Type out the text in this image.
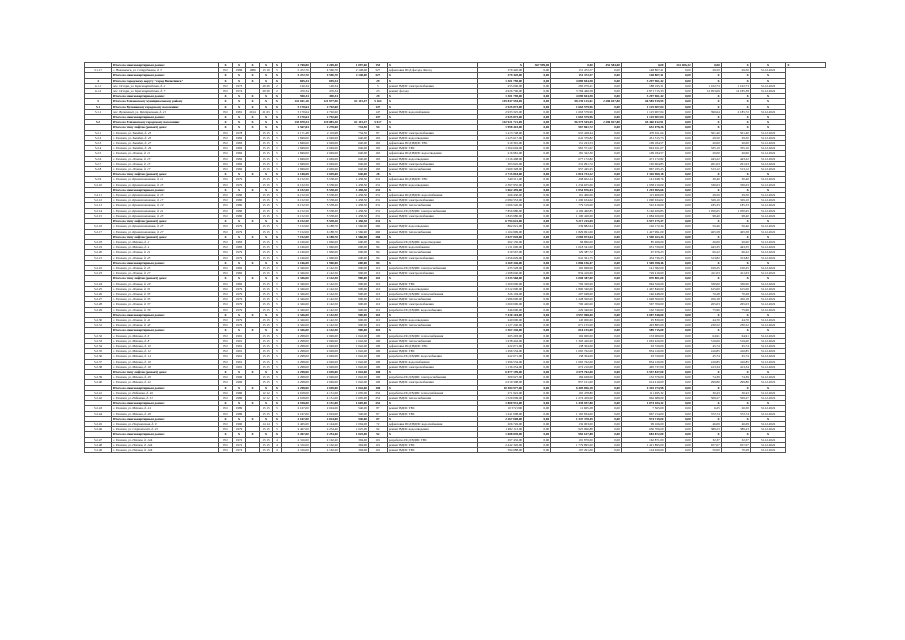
	Итого по многоквартирным домам:	X	X	X	X	X	2 768,80	2 269,40	1 097,60	155	X	X	367 999,00	0,00	452 584,00	0,00	341 406,32	0,00	X	X	X
3.1.17	г. Николаевск, ул. Сотрудников, д. 3	РО	1986	1986	15 19	5	5 472,70	4 596,70	2 148,00	527	дефектовка ПСД фасада, Фасад	379 420,00	0,00	151 472,57	0,00	148 807,41	0,00	29,50	29,50	31.12.2022	
	Итого по многоквартирным домам:	X	X	X	X	X	5 472,70	4 596,70	2 148,00	527	X	379 420,00	0,00	151 472,57	0,00	148 807,41	0,00	X	X	X	
4	Итого по городскому округу "город Вилючинск"	X	X	X	X	X	695,34	695,34		29	X	1 301 790,00	0,00	4 889 844,58	0,00	3 297 961,42	0,00	X	X	X	
4.1.1	пос. Оссора, ул. Красноармейская, д. 2	РО	1973		29 29	2	120,34	120,34		5	ремонт ВДИС электроснабжения	255 006,00	0,00	283 079,21	0,00	188 195,31	0,00	1 102,73	1 102,73	31.12.2022	
4.1.2	пос. Оссора, ул. Красноармейская, д. 7	РО	1974		29 29	2	470,34	470,34		23	ремонт фасада	4 926 706,00	0,00	3 784 469,58	0,00	2 871 715,33	0,00	12 953,69	12 185,38	31.12.2022	
	Итого по многоквартирным домам:	X	X	X	X	X	590,34	490,34		29	X	1 301 790,00	0,00	4 089 844,58	0,00	3 297 961,42	0,00	X	X	X	
5	Итого по Елизовскому муниципальному району	X	X	X	X	X	141 041,18	121 877,90	61 115,47	5 164	X	145 847 594,69	0,00	98 239 125,61	2 286 817,80	66 585 919,95	0,00	X	X	X	
5.1	Итого по Вулканному городскому поселению:	X	X	X	X	X	5 170,64	2 792,60		147	X	2 925 873,00	0,00	1 663 579,96	0,00	1 125 907,04	0,00	X	X	X	
5.1.1	пос. Вулканный, ул. Центральная, д. 21	РО	1981	2014	21 63	5	5 170,64	2 792,60		147	ремонт ВДИС водоснабжения	2 933 325,00	0,00	1 663 579,96	0,00	1 125 907,04	0,00	390,64	2 185,72	31.12.2022	
	Итого по многоквартирным домам:	X	X	X	X	X	5 170,64	2 792,60		147	X	2 925 873,00	0,00	1 663 579,96	0,00	1 125 907,04	0,00	X	X	X	
5.2	Итого по Елизовскому городскому поселению:	X	X	X	X	X	135 870,54	119 085,30	61 115,47	5 017	X	142 921 721,69	0,00	96 575 545,65	2 286 817,80	65 460 012,91	0,00	X	X	X	
	Итого по типу лифтов (ремонт) дома:	X	X	X	X	X	2 567,84	2 278,60	734,50	94	X	1 998 410,00	0,00	967 861,72	0,00	652 078,26	0,00	X	X	X	
5.2.1	г. Елизово, ул. Завойко, д. 43	РО	1978		15 15	5	2 171,48	2 119,98	734,50	87	ремонт ВДИС электроснабжения	1 413 748,00	0,00	655 428,44	0,00	470 911,64	0,00	501,40	501,40	31.12.2022	
5.2.2	г. Елизово, ул. Завойко, д. 45	РО	1982		15 15	5	1 849,00	2 049,00	640,00	165	ремонт ВДИС водоотведения	1 225 617,00	0,00	641 379,82	0,00	451 315,73	0,00	29,50	29,50	31.12.2022	
5.2.3	г. Елизово, ул. Завойко, д. 47	РО	1983		15 15	5	1 849,00	2 049,00	640,00	165	дефектовка ПСД ВДИС ТВС	219 391,00	0,00	151 223,53	0,00	109 184,57	0,00	20,00	20,00	31.12.2022	
5.2.4	г. Елизово, ул. Завойко, д. 49	РО	1983		15 15	5	1 849,00	2 049,00	640,00	165	ремонт ВДИС ТВС	1 364 604,00	0,00	981 571,67	0,00	824 021,67	0,00	335,10	335,10	31.12.2022	
5.2.5	г. Елизово, ул. Ленина, д. 11	РО	1982		15 15	5	1 849,00	2 049,00	640,00	165	дефектовка ПСД ВДИС водоотведения	216 981,00	0,00	181 322,30	0,00	109 184,57	0,00	20,00	20,00	31.12.2022	
5.2.6	г. Елизово, ул. Ленина, д. 13	РО	1982		15 15	5	1 849,00	2 049,00	640,00	165	ремонт ВДИС водоотведения	1 316 408,00	0,00	677 172,82	0,00	471 172,82	0,00	443,22	443,22	31.12.2022	
5.2.7	г. Елизово, ул. Ленина, д. 15	РО	1982		15 15	5	1 849,00	2 049,00	640,00	165	ремонт ВДИС электроснабжения	303 945,00	0,00	231 091,72	0,00	165 964,85	0,00	261,03	261,03	31.12.2022	
5.2.8	г. Елизово, ул. Ленина, д. 17	РО	1982		15 15	5	1 849,00	2 049,00	640,00	165	ремонт ВДИС теплоснабжения	1 969 328,00	0,00	957 445,25	0,00	867 195,25	0,00	513,12	513,12	31.12.2022	
	Итого по типу лифтов (ремонт) дома:	X	X	X	X	X	2 168,08	2 049,00	640,00	28	X	2 715 818,00	0,00	1 816 733,22	0,00	1 316 960,18	0,00	X	X	X	
5.2.9	г. Елизово, ул. Крашенинникова, д. 11	РО	1979		15 15	5	6 152,50	5 538,20	1 458,30	231	дефектовка ПСД ВДИС ТВС	349 511,00	0,00	208 602,24	0,00	141 948,76	0,00	30,40	30,40	31.12.2022	
5.2.10	г. Елизово, ул. Крашенинникова, д. 13	РО	1979		15 15	5	6 152,50	5 538,20	1 458,30	231	ремонт ВДИС водоотведения	2 397 955,00	0,00	1 234 655,00	0,00	1 038 210,00	0,00	336,03	336,03	31.12.2022	
	Итого по многоквартирным домам:	X	X	X	X	X	6 152,50	5 538,20	1 458,30	231	X	1 062 459,00	0,00	1 054 876,04	0,00	1 293 965,66	0,00	X	X	X	
5.2.11	г. Елизово, ул. Крашенинникова, д. 15	РО	1980		15 15	5	6 152,50	5 538,20	1 458,30	231	дефектовка ПСД ВДИС водоснабжения	266 430,00	0,00	161 400,00	0,00	115 400,00	0,00	29,50	29,50	31.12.2022	
5.2.12	г. Елизово, ул. Крашенинникова, д. 17	РО	1980		15 15	5	6 152,50	5 538,20	1 458,30	231	ремонт ВДИС электроснабжения	2 084 553,00	0,00	1 290 634,02	0,00	1 090 634,02	0,00	329,10	329,10	31.12.2022	
5.2.13	г. Елизово, ул. Крашенинникова, д. 19	РО	1980		15 15	5	6 152,50	5 538,20	1 458,30	231	ремонт ВДИС теплоснабжения	1 066 520,00	0,00	779 519,00	0,00	522 419,00	0,00	185,33	185,33	31.12.2022	
5.2.14	г. Елизово, ул. Крашенинникова, д. 21	РО	1980		15 15	5	6 152,50	5 538,20	1 458,30	231	разработка ПСД ВДИС электроснабжения	7 856 980,00	0,00	4 106 460,85	0,00	3 146 920,85	0,00	1 050,65	1 050,65	31.12.2022	
5.2.15	г. Елизово, ул. Крашенинникова, д. 23	РО	1980		15 15	5	6 152,50	5 538,20	1 458,30	231	ремонт ВДИС электроснабжения	1 843 980,00	0,00	1 100 420,00	0,00	1 084 020,00	0,00	98,40	98,40	31.12.2022	
	Итого по типу лифтов (ремонт) дома:	X	X	X	X	X	6 152,50	5 538,20	1 458,30	231	X	6 794 641,00	0,00	5 217 215,09	0,00	3 937 175,37	0,00	X	X	X	
5.2.16	г. Елизово, ул. Крашенинникова, д. 25	РО	1979		15 15	5	7 152,00	6 188,70	1 566,90	260	ремонт ВДИС водоотведения	862 021,00	0,00	239 882,64	0,00	162 172,34	0,00	56,46	56,46	31.12.2022	
5.2.17	г. Елизово, ул. Крашенинникова, д. 27	РО	1979		15 15	5	7 152,00	6 188,70	1 566,90	260	ремонт ВДИС теплоснабжения	1 164 999,00	0,00	1 829 991,00	0,00	1 427 991,00	0,00	465,58	465,58	31.12.2022	
	Итого по типу лифтов (ремонт) дома:	X	X	X	X	X	7 152,00	6 188,70	1 566,90	260	X	2 027 020,00	0,00	2 069 873,64	0,00	1 590 163,34	0,00	X	X	X	
5.2.18	г. Елизово, ул. Мячина, д. 2	РО	1983		15 15	5	2 166,00	1 960,00	600,00	84	разработка ПСД ВДИС водоотведения	262 150,00	0,00	96 866,00	0,00	85 266,00	0,00	26,00	26,00	31.12.2022	
5.2.19	г. Елизово, ул. Мячина, д. 4	РО	1983		15 15	5	2 166,00	1 960,00	600,00	84	ремонт ВДИС водоснабжения	1 131 000,00	0,00	1 018 541,00	0,00	931 720,00	0,00	443,35	443,35	31.12.2022	
5.2.20	г. Елизово, ул. Ленина, д. 21	РО	1979		15 15	5	2 166,00	1 960,00	600,00	84	ремонт ВДИС теплоснабжения	219 567,00	0,00	129 387,72	0,00	97 676,23	0,00	66,22	66,22	31.12.2022	
5.2.21	г. Елизово, ул. Ленина, д. 23	РО	1979		15 15	5	2 166,00	1 960,00	600,00	84	ремонт ВДИС электроснабжения	1 656 629,00	0,00	641 361,75	0,00	454 736,23	0,00	313,82	313,82	31.12.2022	
	Итого по многоквартирным домам:	X	X	X	X	X	2 166,00	1 960,00	600,00	84	X	3 269 346,00	0,00	1 886 156,47	0,00	1 569 398,46	0,00	X	X	X	
5.2.22	г. Елизово, ул. Ленина, д. 25	РО	1982		15 15	5	2 346,00	2 142,50	900,00	110	разработка ПСД ВДИС электроснабжения	235 528,00	0,00	165 968,00	0,00	141 382,00	0,00	100,25	100,25	31.12.2022	
5.2.23	г. Елизово, ул. Ленина, д. 27	РО	1982		15 15	5	2 346,00	2 142,50	900,00	110	ремонт ВДИС электроснабжения	1 298 040,00	0,00	834 419,00	0,00	729 419,00	0,00	411,03	411,03	31.12.2022	
	Итого по типу лифтов (ремонт) дома:	X	X	X	X	X	2 346,00	2 142,50	900,00	110	X	1 533 568,00	0,00	1 000 387,00	0,00	870 801,00	0,00	X	X	X	
5.2.24	г. Елизово, ул. Ленина, д. 29	РО	1982		15 15	5	2 346,00	2 142,50	900,00	110	ремонт ВДИС ТВС	1 200 000,00	0,00	792 320,00	0,00	694 320,00	0,00	330,00	330,00	31.12.2022	
5.2.25	г. Елизово, ул. Ленина, д. 31	РО	1979		15 15	5	2 346,00	2 142,50	900,00	110	ремонт ВДИС водоотведения	2 512 000,00	0,00	1 800 340,00	0,00	1 467 840,00	0,00	615,00	615,00	31.12.2022	
5.2.26	г. Елизово, ул. Ленина, д. 33	РО	1979		15 15	5	2 346,00	2 142,50	900,00	110	разработка ПСД ВДИС теплоснабжения	326 104,00	0,00	207 048,00	0,00	146 448,00	0,00	70,28	70,28	31.12.2022	
5.2.27	г. Елизово, ул. Ленина, д. 35	РО	1979		15 15	5	2 346,00	2 142,50	900,00	110	ремонт ВДИС теплоснабжения	1 986 000,00	0,00	1 228 500,00	0,00	1 048 500,00	0,00	456,18	456,18	31.12.2022	
5.2.28	г. Елизово, ул. Ленина, д. 37	РО	1979		15 15	5	2 346,00	2 142,50	900,00	110	ремонт ВДИС электроснабжения	1 060 000,00	0,00	700 420,00	0,00	567 700,00	0,00	265,03	265,03	31.12.2022	
5.2.29	г. Елизово, ул. Ленина, д. 39	РО	1979		15 15	5	2 346,00	2 142,50	900,00	110	разработка ПСД ВДИС водоснабжения	346 000,00	0,00	229 340,00	0,00	162 740,00	0,00	75,96	75,96	31.12.2022	
	Итого по многоквартирным домам:	X	X	X	X	X	2 346,00	2 142,50	900,00	110	X	7 430 104,00	0,00	4 957 968,00	0,00	4 087 548,00	0,00	X	X	X	
5.2.30	г. Елизово, ул. Ленина, д. 41	РО	1979		15 15	5	2 346,00	2 142,50	900,00	110	ремонт ВДИС водоотведения	240 000,00	0,00	145 000,00	0,00	95 830,00	0,00	44,70	44,70	31.12.2022	
5.2.31	г. Елизово, ул. Ленина, д. 43	РО	1979		15 15	5	2 346,00	2 142,50	900,00	110	ремонт ВДИС теплоснабжения	1 127 240,00	0,00	671 155,00	0,00	493 885,00	0,00	230,52	230,52	31.12.2022	
	Итого по многоквартирным домам:	X	X	X	X	X	2 346,00	2 142,50	900,00	110	X	1 367 240,00	0,00	816 155,00	0,00	589 715,00	0,00	X	X	X	
5.2.32	г. Елизово, ул. Мячина, д. 6	РО	1991		15 15	5	2 298,00	2 049,00	1 042,00	100	разработка ПСД ВДИС теплоснабжения	265 293,00	0,00	192 000,00	0,00	133 000,00	0,00	64,91	64,91	31.12.2022	
5.2.33	г. Елизово, ул. Мячина, д. 8	РО	1991		15 15	5	2 298,00	2 049,00	1 042,00	100	ремонт ВДИС теплоснабжения	1 638 442,00	0,00	1 303 420,00	0,00	1 063 420,00	0,00	519,00	519,00	31.12.2022	
5.2.34	г. Елизово, ул. Мячина, д. 10	РО	1991		15 15	5	2 298,00	2 049,00	1 042,00	100	дефектовка ПСД ВДИС ТВС	222 071,00	0,00	138 304,00	0,00	93 720,00	0,00	45,74	45,74	31.12.2022	
5.2.35	г. Елизово, ул. Мячина, д. 12	РО	1991		15 15	5	2 298,00	2 049,00	1 042,00	100	ремонт ВДИС ТВС	1 296 534,00	0,00	1 065 762,00	0,00	854 120,00	0,00	416,85	416,85	31.12.2022	
5.2.36	г. Елизово, ул. Мячина, д. 14	РО	1991		15 15	5	2 298,00	2 049,00	1 042,00	100	разработка ПСД ВДИС водоснабжения	222 071,00	0,00	138 304,00	0,00	93 720,00	0,00	45,74	45,74	31.12.2022	
5.2.37	г. Елизово, ул. Мячина, д. 16	РО	1991		15 15	5	2 298,00	2 049,00	1 042,00	100	ремонт ВДИС водоснабжения	1 296 534,00	0,00	1 065 762,00	0,00	854 120,00	0,00	416,85	416,85	31.12.2022	
5.2.38	г. Елизово, ул. Мячина, д. 18	РО	1991		15 15	5	2 298,00	2 049,00	1 042,00	100	ремонт ВДИС электроснабжения	1 136 254,00	0,00	672 210,00	0,00	465 737,00	0,00	413,34	413,34	31.12.2022	
	Итого по типу лифтов (ремонт) дома:	X	X	X	X	X	2 298,00	2 049,00	1 042,00	100	X	6 077 199,00	0,00	4 575 762,00	0,00	3 557 837,00	0,00	X	X	X	
5.2.39	г. Елизово, ул. Мячина, д. 20	РО	1990		15 15	5	2 298,00	2 049,00	1 042,00	100	разработка ПСД ВДИС электроснабжения	309 627,00	0,00	184 628,00	0,00	152 376,00	0,00	74,39	74,39	31.12.2022	
5.2.40	г. Елизово, ул. Мячина, д. 22	РО	1990		15 15	5	2 298,00	2 049,00	1 042,00	100	ремонт ВДИС электроснабжения	2 019 308,00	0,00	857 101,00	0,00	614 410,00	0,00	299,86	299,86	31.12.2022	
	Итого по многоквартирным домам:	X	X	X	X	X	2 298,00	2 049,00	1 042,00	100	X	10 384 977,00	0,00	6 405 856,18	0,00	4 345 274,98	0,00	X	X	X	
5.2.41	г. Елизово, ул. Рябикова, д. 49	РО	1980		12 12	5	4 918,00	4 151,00	1 605,00	252	разработка ПСД ВДИС теплоснабжения	271 922,00	0,00	165 478,80	0,00	111 495,32	0,00	30,43	30,43	31.12.2022	
5.2.42	г. Елизово, ул. Рябикова, д. 51	РО	1980		12 12	5	4 918,00	4 151,00	1 605,00	252	ремонт ВДИС теплоснабжения	1 529 009,00	0,00	1 274 459,00	0,00	962 689,00	0,00	509,27	509,27	31.12.2022	
	Итого по многоквартирным домам:	X	X	X	X	X	4 918,00	4 151,00	1 605,00	252	X	1 800 931,00	0,00	1 439 937,80	0,00	1 074 184,32	0,00	X	X	X	
5.2.43	г. Елизово, ул. Мячина, д. 24	РО	1989		15 15	5	2 167,00	2 024,00	540,00	87	ремонт ВДИС ТВС	10 572 000	0,00	11 605,28	0,00	7 565,00	0,00	6,25	26,50	31.12.2022	
5.2.44	г. Елизово, ул. Мячина, д. 26	РО	1989		15 15	5	2 167,00	2 024,00	540,00	87	ремонт ВДИС ТВС	1 241 008,00	0,00	1 165 834,00	0,00	967 154,00	0,00	372,74	372,74	31.12.2022	
	Итого по многоквартирным домам:	X	X	X	X	X	2 167,00	2 024,00	540,00	87	X	2 267 008,00	0,00	1 347 378,49	0,00	974 719,00	0,00	X	X	X	
5.2.45	г. Елизово, ул. Пограничная, д. 9	РО	1990		14 14	5	2 465,00	2 144,00	1 004,00	72	дефектовка ПСД ВДИС водоснабжения	206 726,00	0,00	132 003,00	0,00	99 166,00	0,00	46,09	46,09	31.12.2022	
5.2.46	г. Елизово, ул. Строителей, д. 23	РО	1979		15 15	5	2 467,00	2 254,40	1 025,00	92	ремонт ВДИС водоотведения	1 482 113,00	0,00	925 966,88	0,00	656 706,00	0,00	389,23	389,23	31.12.2022	
	Итого по многоквартирным домам:	X	X	X	X	X	2 467,00	2 254,40	1 025,00	92	X	1 688 839,00	0,00	982 617,88	0,00	683 872,00	0,00	X	X	X	
5.2.47	г. Елизово, ул. Попова, д. 12А	РО	1972		15 15	4	2 316,00	2 162,20	394,00	101	разработка ПСД ВДИС ТВС	297 432,00	0,00	191 870,00	0,00	162 871,00	0,00	32,37	32,37	31.12.2022	
5.2.48	г. Елизово, ул. Попова, д. 12А	РО	1972		15 15	4	2 316,00	2 162,20	394,00	101	ремонт ВДИС ТВС	2 442 320,00	0,00	1 779 895,00	0,00	1 421 895,00	0,00	657,07	657,07	31.12.2022	
5.2.49	г. Елизово, ул. Попова, д. 12А	РО	1972		15 15	4	2 316,00	2 162,20	394,00	101	ремонт ВДИС ТВС	394 688,00	0,00	197 291,00	0,00	124 920,00	0,00	50,00	70,28	31.12.2022	
